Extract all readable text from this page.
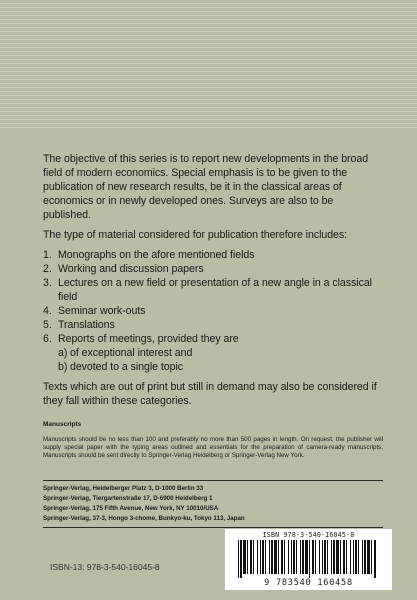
The objective of this series is to report new developments in the broad field of modern economics. Special emphasis is to be given to the publication of new research results, be it in the classical areas of economics or in newly developed ones. Surveys are also to be published.

The type of material considered for publication therefore includes:

1. Monographs on the afore mentioned fields
2. Working and discussion papers
3. Lectures on a new field or presentation of a new angle in a classical field
4. Seminar work-outs
5. Translations
6. Reports of meetings, provided they are
a) of exceptional interest and
b) devoted to a single topic

Texts which are out of print but still in demand may also be considered if they fall within these categories.

Manuscripts

Manuscripts should be no less than 100 and preferably no more than 500 pages in length. On request, the publisher will supply special paper with the typing areas outlined and essentials for the preparation of camera-ready manuscripts. Manuscripts should be sent directly to Springer-Verlag Heidelberg or Springer-Verlag New York.

Springer-Verlag, Heidelberger Platz 3, D-1000 Berlin 33

Springer-Verlag, Tiergartenstraße 17, D-6900 Heidelberg 1

Springer-Verlag, 175 Fifth Avenue, New York, NY 10010/USA

Springer-Verlag, 37-3, Hongo 3-chome, Bunkyo-ku, Tokyo 113, Japan

ISBN-13: 978-3-540-16045-8
ISBN 978-3-540-16045-8
9 783540 160458
